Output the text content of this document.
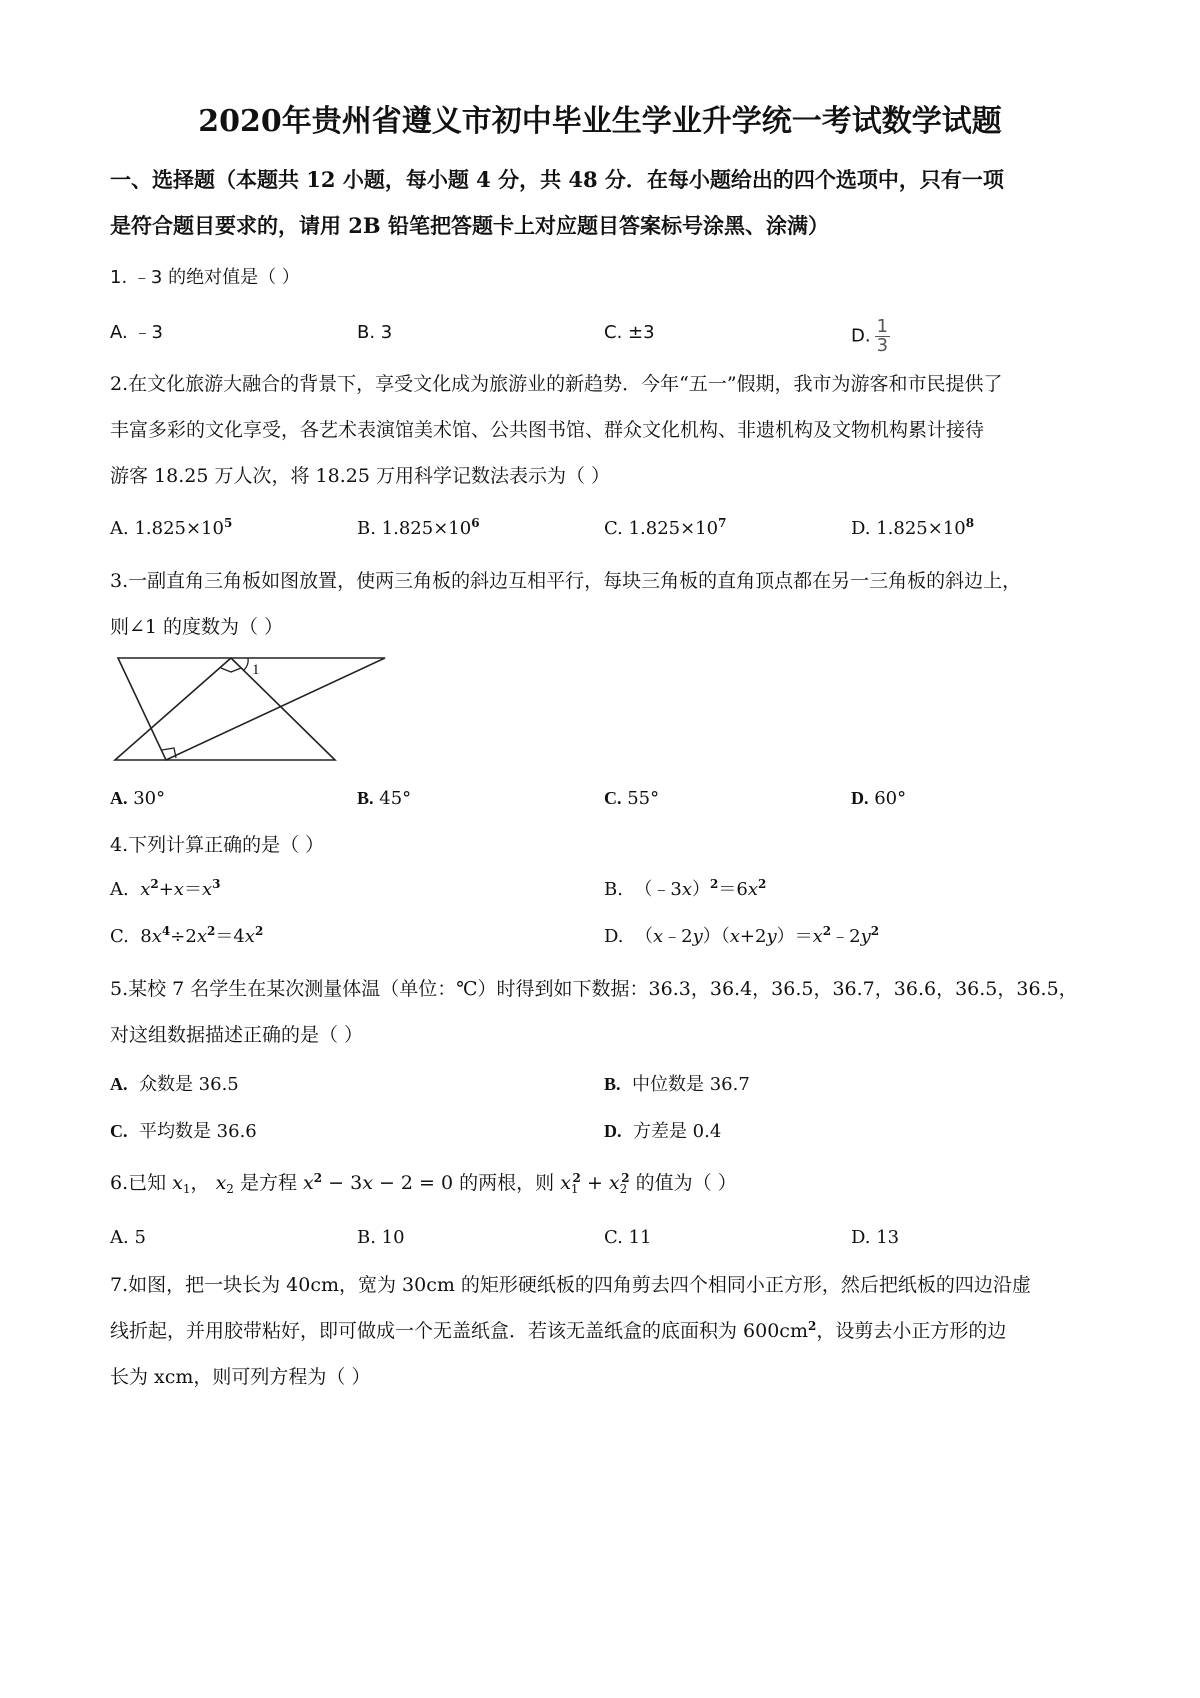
2020年贵州省遵义市初中毕业生学业升学统一考试数学试题
一、选择题（本题共 12 小题，每小题 4 分，共 48 分．在每小题给出的四个选项中，只有一项
是符合题目要求的，请用 2B 铅笔把答题卡上对应题目答案标号涂黑、涂满）
1. ﹣3 的绝对值是（ ）
A. ﹣3	B. 3	C. ±3	D. $\frac{1}{3}$
2.在文化旅游大融合的背景下，享受文化成为旅游业的新趋势．今年“五一”假期，我市为游客和市民提供了
丰富多彩的文化享受，各艺术表演馆美术馆、公共图书馆、群众文化机构、非遗机构及文物机构累计接待
游客 18.25 万人次，将 18.25 万用科学记数法表示为（ ）
A. $1.825\times 10^5$	B. $1.825\times 10^6$	C. $1.825\times 10^7$	D. $1.825\times 10^8$
3.一副直角三角板如图放置，使两三角板的斜边互相平行，每块三角板的直角顶点都在另一三角板的斜边上，
则∠1 的度数为（ ）
1
A. 30°	B. 45°	C. 55°	D. 60°
4.下列计算正确的是（ ）
A. $x^2+x=x^3$	B.  $(﹣3x)^2=6x^2$
C.  $8x^4\div 2x^2=4x^2$	D.  $(x﹣2y)(x+2y)=x^2﹣2y^2$
5.某校 7 名学生在某次测量体温（单位：℃）时得到如下数据：36.3，36.4，36.5，36.7，36.6，36.5，36.5，
对这组数据描述正确的是（ ）
A. 众数是 36.5	B. 中位数是 36.7
C. 平均数是 36.6	D. 方差是 0.4
6.已知 $x_1$， $x_2$ 是方程 $x^2 - 3x - 2 = 0$ 的两根，则 $x_1^2 + x_2^2$ 的值为（ ）
A. 5	B. 10	C. 11	D. 13
7.如图，把一块长为 40cm，宽为 30cm 的矩形硬纸板的四角剪去四个相同小正方形，然后把纸板的四边沿虚
线折起，并用胶带粘好，即可做成一个无盖纸盒．若该无盖纸盒的底面积为 $600cm^2$，设剪去小正方形的边
长为 xcm，则可列方程为（ ）
